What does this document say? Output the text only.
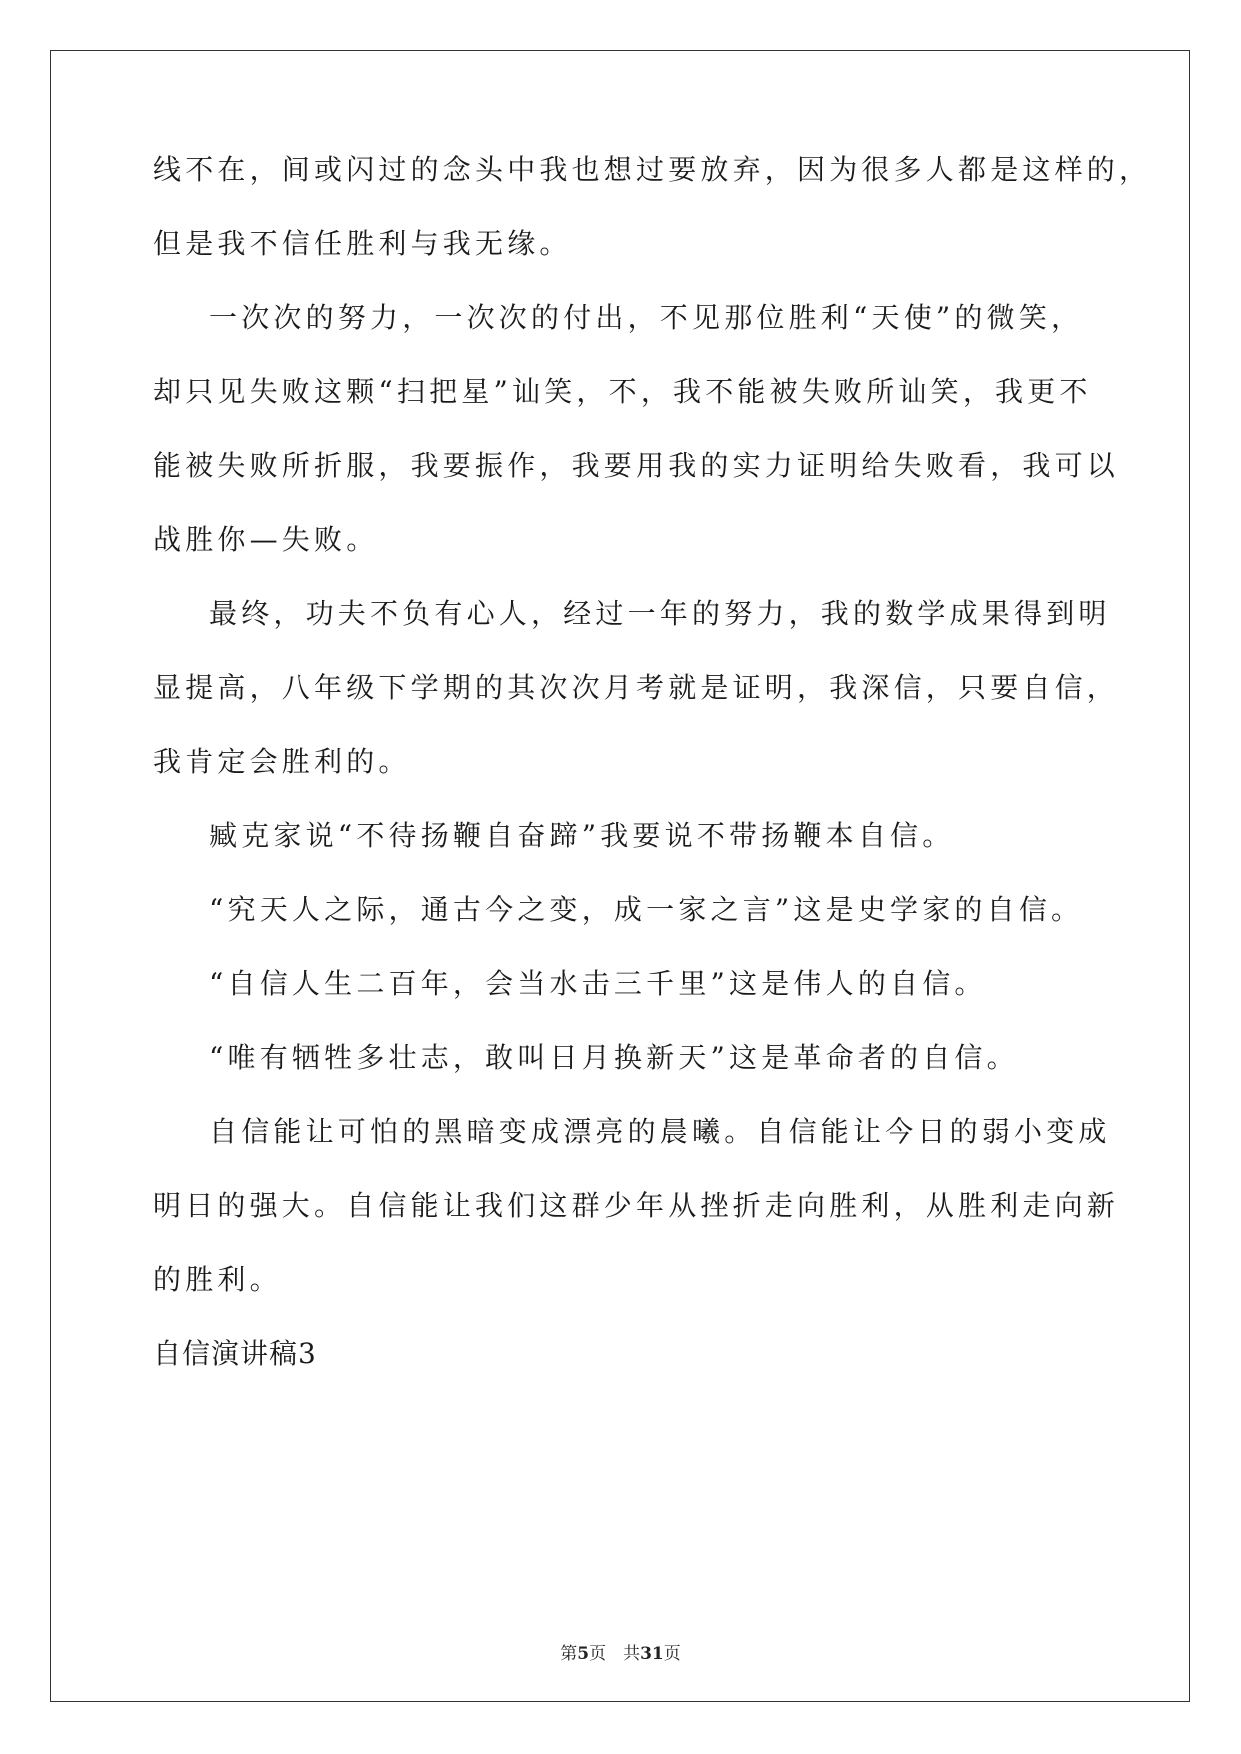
线不在，间或闪过的念头中我也想过要放弃，因为很多人都是这样的，
但是我不信任胜利与我无缘。
一次次的努力，一次次的付出，不见那位胜利“天使”的微笑，
却只见失败这颗“扫把星”讪笑，不，我不能被失败所讪笑，我更不
能被失败所折服，我要振作，我要用我的实力证明给失败看，我可以
战胜你—失败。
最终，功夫不负有心人，经过一年的努力，我的数学成果得到明
显提高，八年级下学期的其次次月考就是证明，我深信，只要自信，
我肯定会胜利的。
臧克家说“不待扬鞭自奋蹄”我要说不带扬鞭本自信。
“究天人之际，通古今之变，成一家之言”这是史学家的自信。
“自信人生二百年，会当水击三千里”这是伟人的自信。
“唯有牺牲多壮志，敢叫日月换新天”这是革命者的自信。
自信能让可怕的黑暗变成漂亮的晨曦。自信能让今日的弱小变成
明日的强大。自信能让我们这群少年从挫折走向胜利，从胜利走向新
的胜利。
自信演讲稿3
第5页　共31页
